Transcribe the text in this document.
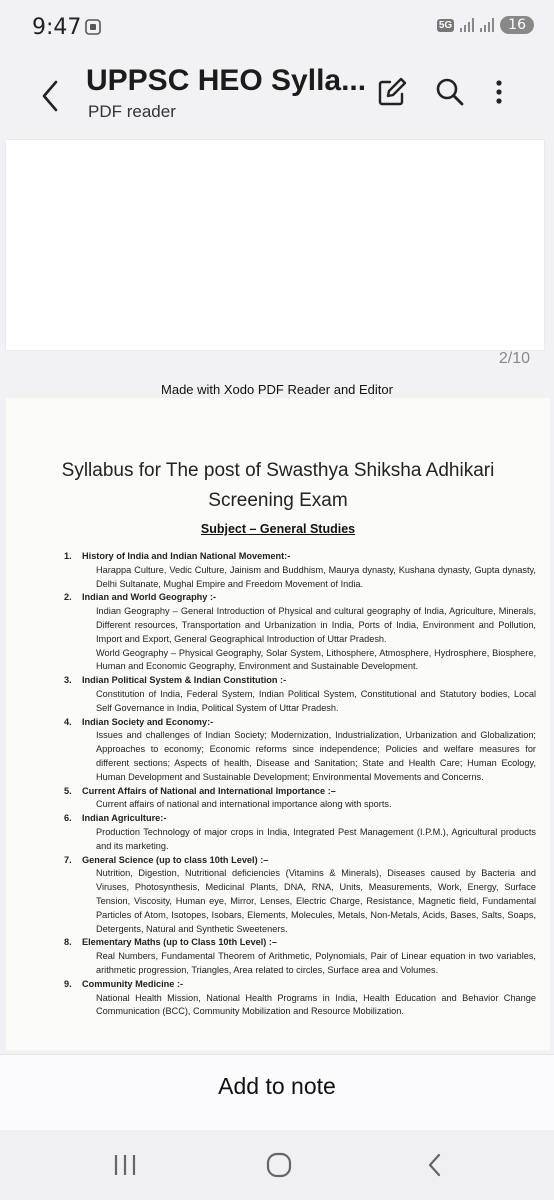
9:47	5G	16
UPPSC HEO Sylla...
PDF reader
2/10
Made with Xodo PDF Reader and Editor
Syllabus for The post of Swasthya Shiksha Adhikari
Screening Exam
Subject – General Studies
1. History of India and Indian National Movement:-
Harappa Culture, Vedic Culture, Jainism and Buddhism, Maurya dynasty, Kushana dynasty, Gupta dynasty, Delhi Sultanate, Mughal Empire and Freedom Movement of India.
2. Indian and World Geography :-
Indian Geography – General Introduction of Physical and cultural geography of India, Agriculture, Minerals, Different resources, Transportation and Urbanization in India, Ports of India, Environment and Pollution, Import and Export, General Geographical Introduction of Uttar Pradesh.
World Geography – Physical Geography, Solar System, Lithosphere, Atmosphere, Hydrosphere, Biosphere, Human and Economic Geography, Environment and Sustainable Development.
3. Indian Political System & Indian Constitution :-
Constitution of India, Federal System, Indian Political System, Constitutional and Statutory bodies, Local Self Governance in India, Political System of Uttar Pradesh.
4. Indian Society and Economy:-
Issues and challenges of Indian Society; Modernization, Industrialization, Urbanization and Globalization; Approaches to economy; Economic reforms since independence; Policies and welfare measures for different sections; Aspects of health, Disease and Sanitation; State and Health Care; Human Ecology, Human Development and Sustainable Development; Environmental Movements and Concerns.
5. Current Affairs of National and International Importance :–
Current affairs of national and international importance along with sports.
6. Indian Agriculture:-
Production Technology of major crops in India, Integrated Pest Management (I.P.M.), Agricultural products and its marketing.
7. General Science (up to class 10th Level) :–
Nutrition, Digestion, Nutritional deficiencies (Vitamins & Minerals), Diseases caused by Bacteria and Viruses, Photosynthesis, Medicinal Plants, DNA, RNA, Units, Measurements, Work, Energy, Surface Tension, Viscosity, Human eye, Mirror, Lenses, Electric Charge, Resistance, Magnetic field, Fundamental Particles of Atom, Isotopes, Isobars, Elements, Molecules, Metals, Non-Metals, Acids, Bases, Salts, Soaps, Detergents, Natural and Synthetic Sweeteners.
8. Elementary Maths (up to Class 10th Level) :–
Real Numbers, Fundamental Theorem of Arithmetic, Polynomials, Pair of Linear equation in two variables, arithmetic progression, Triangles, Area related to circles, Surface area and Volumes.
9. Community Medicine :-
National Health Mission, National Health Programs in India, Health Education and Behavior Change Communication (BCC), Community Mobilization and Resource Mobilization.
Add to note
